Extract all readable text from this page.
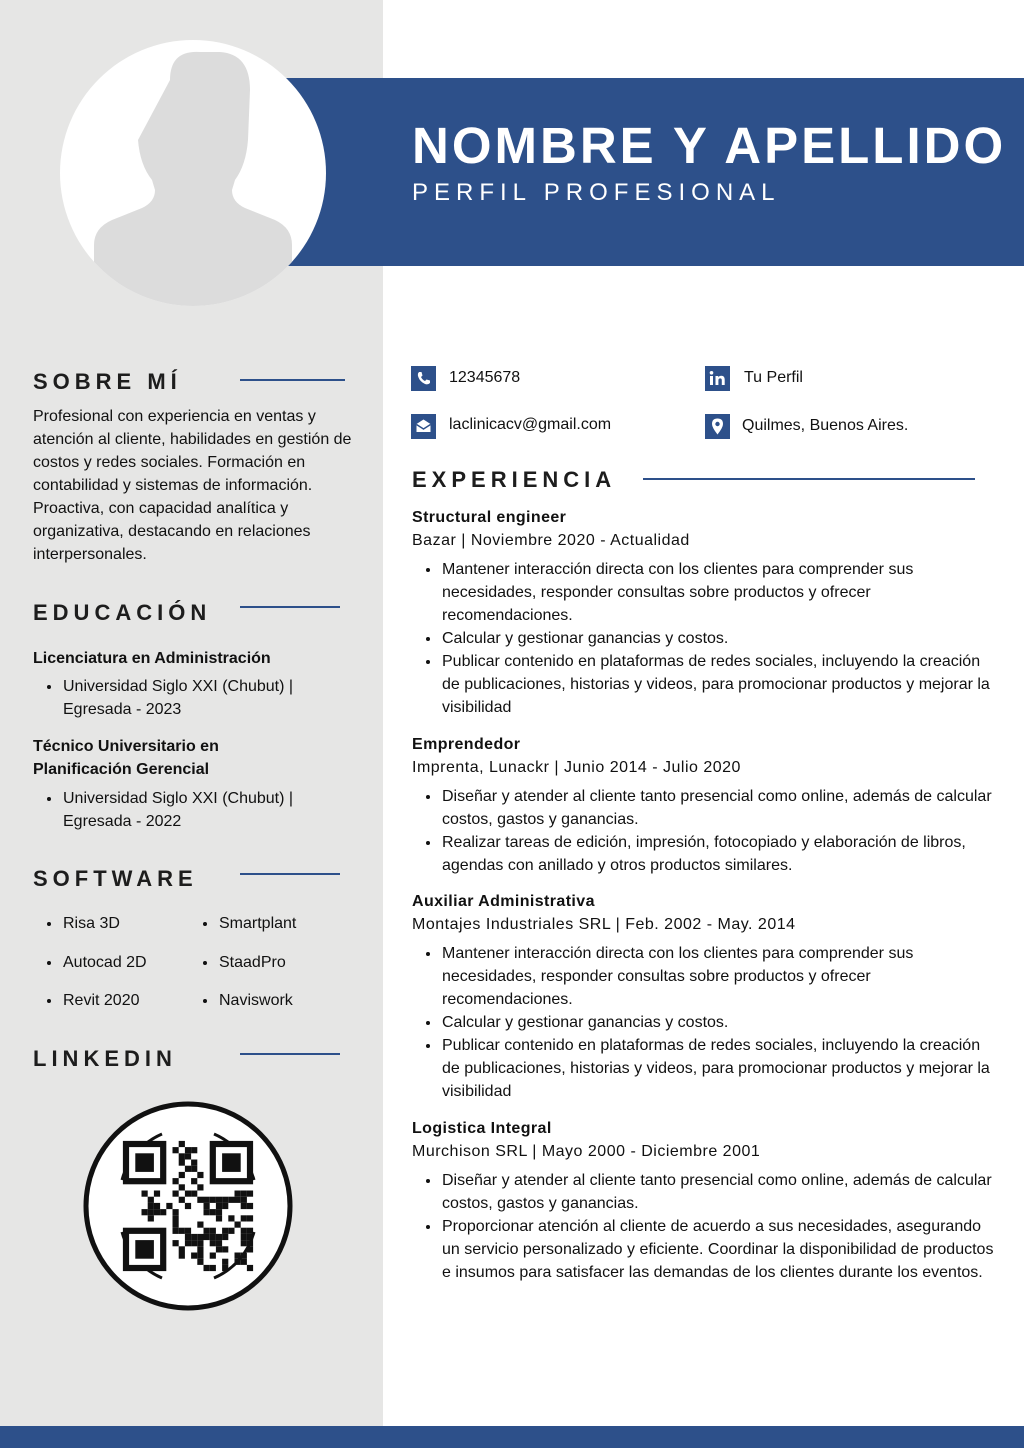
NOMBRE Y APELLIDO
PERFIL PROFESIONAL
SOBRE MÍ
Profesional con experiencia en ventas y atención al cliente, habilidades en gestión de costos y redes sociales. Formación en contabilidad y sistemas de información. Proactiva, con capacidad analítica y organizativa, destacando en relaciones interpersonales.
EDUCACIÓN
Licenciatura en Administración
Universidad Siglo XXI (Chubut) | Egresada - 2023
Técnico Universitario en Planificación Gerencial
Universidad Siglo XXI (Chubut) | Egresada - 2022
SOFTWARE
Risa 3D
Autocad 2D
Revit 2020
Smartplant
StaadPro
Naviswork
LINKEDIN
12345678
laclinicacv@gmail.com
Tu Perfil
Quilmes, Buenos Aires.
EXPERIENCIA
Structural engineer
Bazar | Noviembre 2020 - Actualidad
Mantener interacción directa con los clientes para comprender sus necesidades, responder consultas sobre productos y ofrecer recomendaciones.
Calcular y gestionar ganancias y costos.
Publicar contenido en plataformas de redes sociales, incluyendo la creación de publicaciones, historias y videos, para promocionar productos y mejorar la visibilidad
Emprendedor
Imprenta, Lunackr | Junio 2014 - Julio 2020
Diseñar y atender al cliente tanto presencial como online, además de calcular costos, gastos y ganancias.
Realizar tareas de edición, impresión, fotocopiado y elaboración de libros, agendas con anillado y otros productos similares.
Auxiliar Administrativa
Montajes Industriales SRL | Feb. 2002 - May. 2014
Mantener interacción directa con los clientes para comprender sus necesidades, responder consultas sobre productos y ofrecer recomendaciones.
Calcular y gestionar ganancias y costos.
Publicar contenido en plataformas de redes sociales, incluyendo la creación de publicaciones, historias y videos, para promocionar productos y mejorar la visibilidad
Logistica Integral
Murchison SRL | Mayo 2000 - Diciembre 2001
Diseñar y atender al cliente tanto presencial como online, además de calcular costos, gastos y ganancias.
Proporcionar atención al cliente de acuerdo a sus necesidades, asegurando un servicio personalizado y eficiente. Coordinar la disponibilidad de productos e insumos para satisfacer las demandas de los clientes durante los eventos.
